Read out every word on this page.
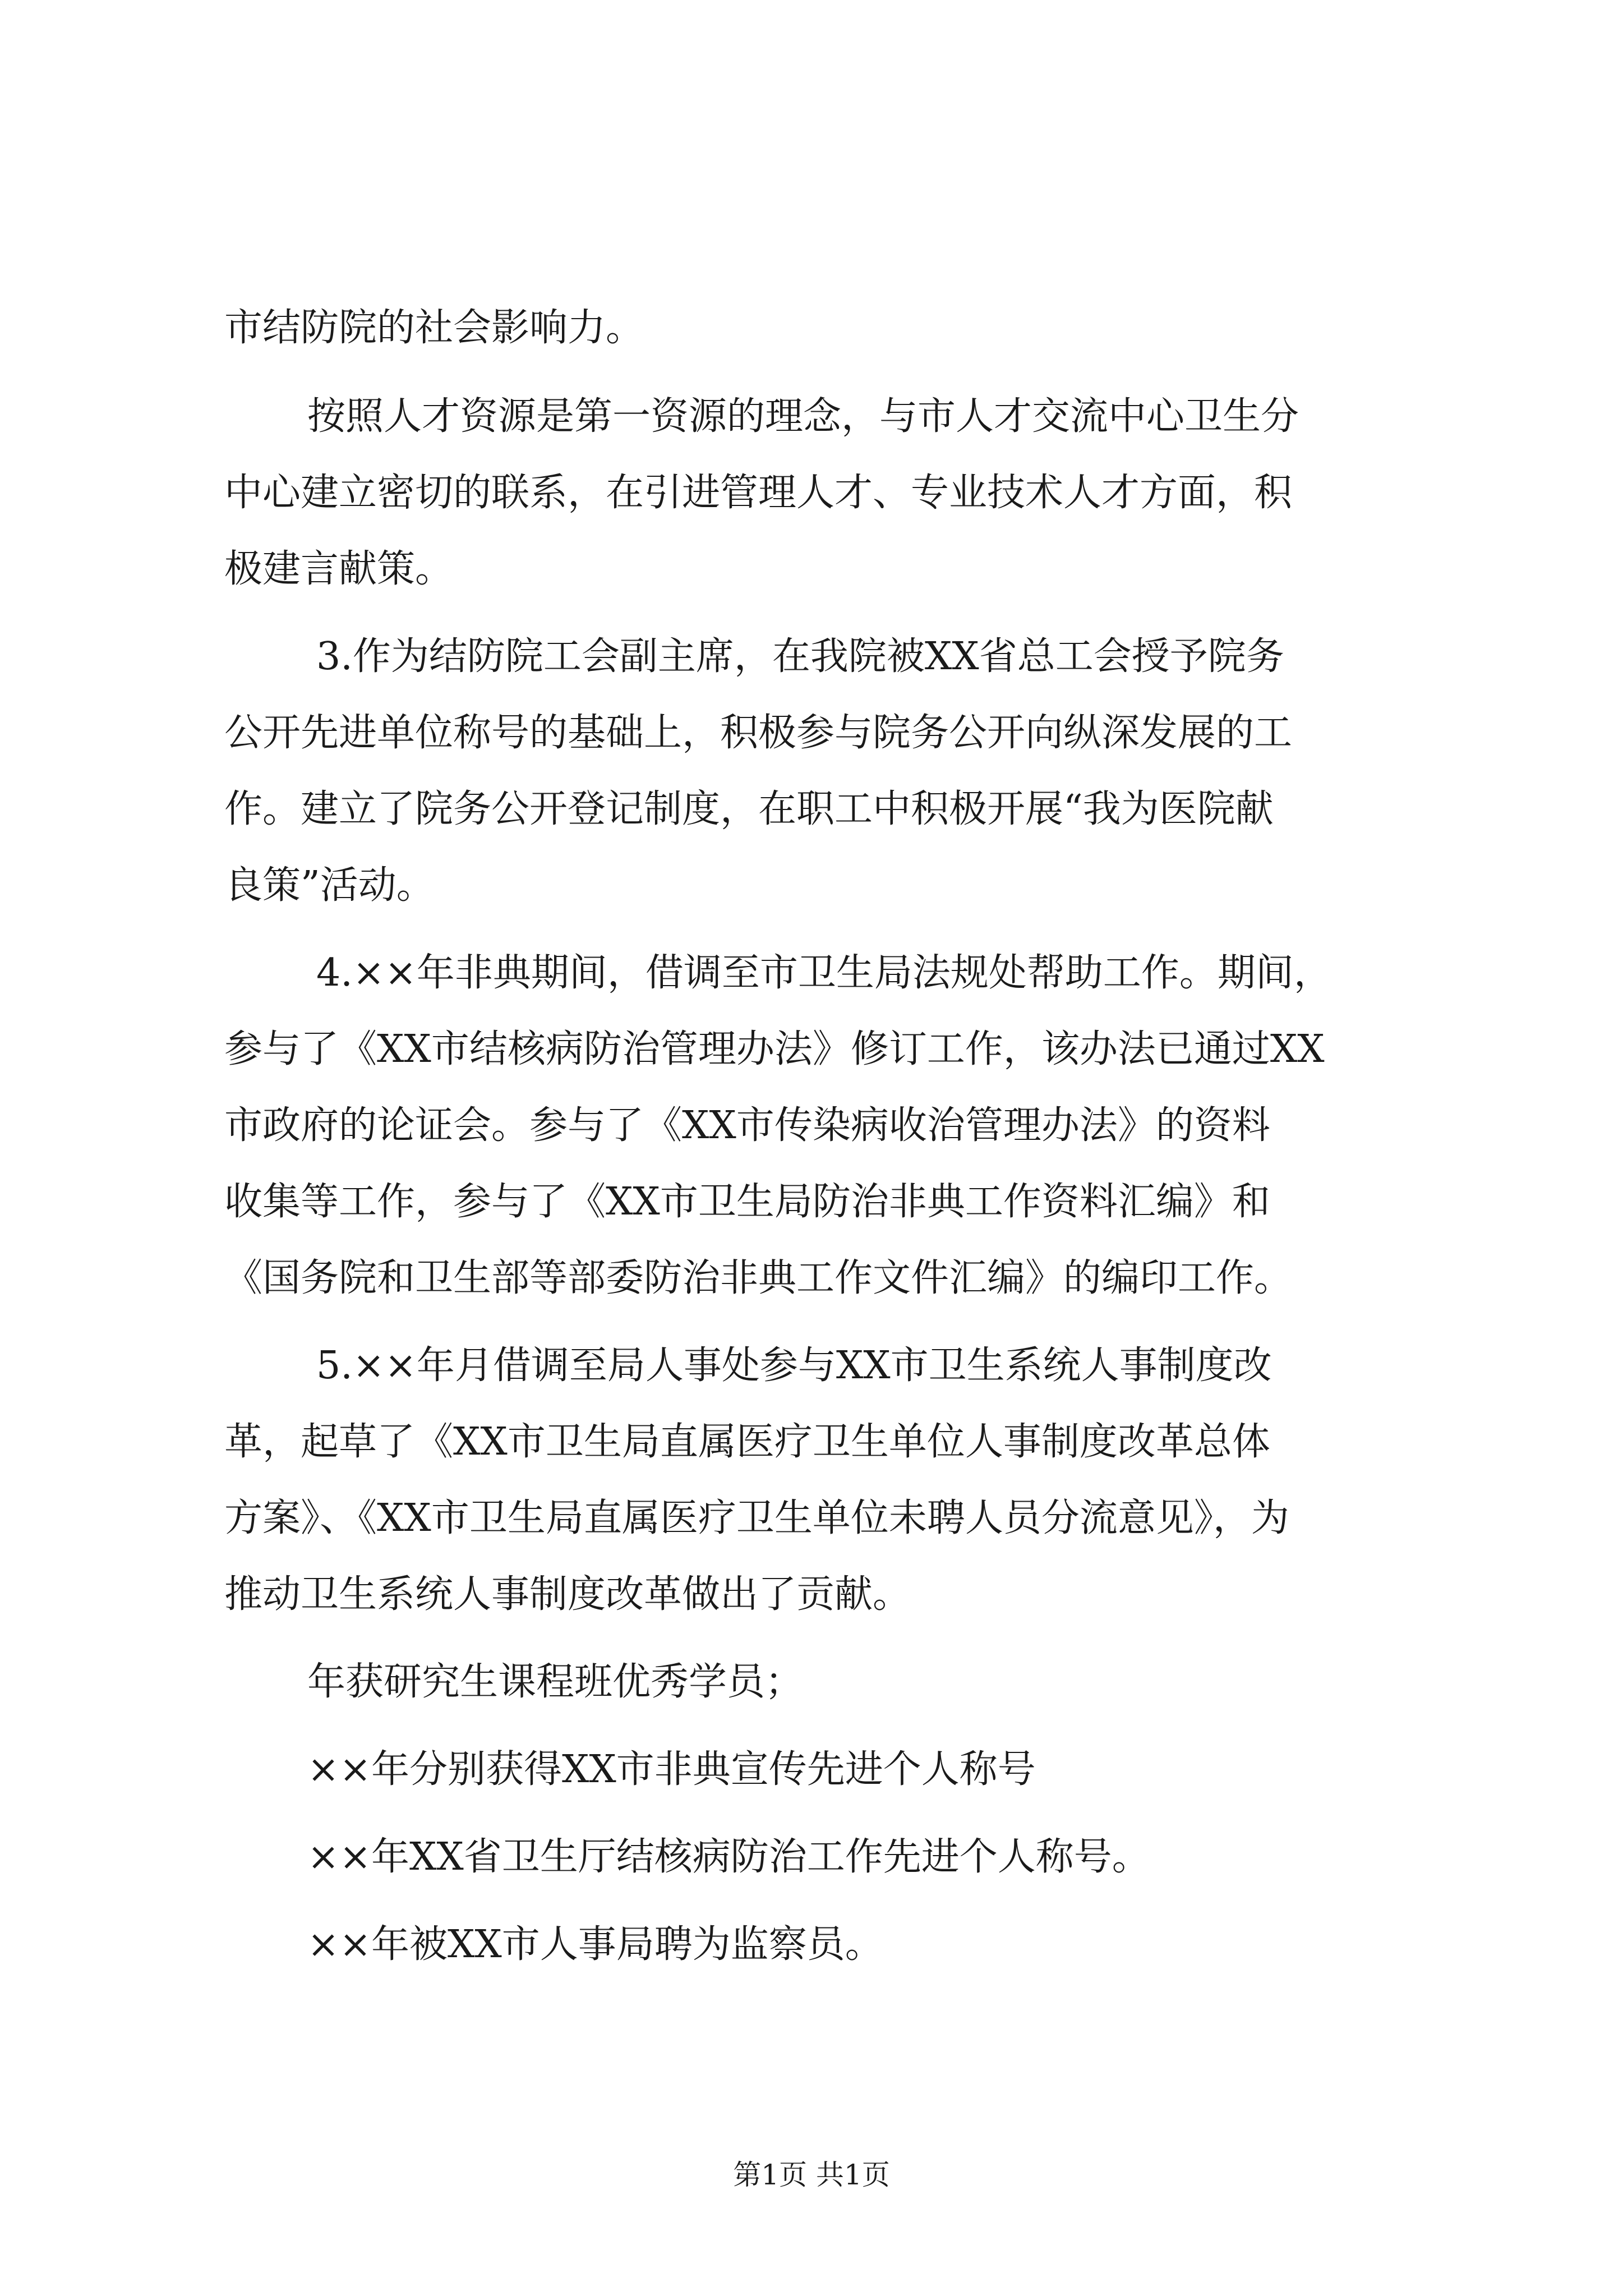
市结防院的社会影响力。
按照人才资源是第一资源的理念，与市人才交流中心卫生分
中心建立密切的联系，在引进管理人才、专业技术人才方面，积
极建言献策。
3.作为结防院工会副主席，在我院被XX省总工会授予院务
公开先进单位称号的基础上，积极参与院务公开向纵深发展的工
作。建立了院务公开登记制度，在职工中积极开展“我为医院献
良策”活动。
4.××年非典期间，借调至市卫生局法规处帮助工作。期间，
参与了《XX市结核病防治管理办法》修订工作，该办法已通过XX
市政府的论证会。参与了《XX市传染病收治管理办法》的资料
收集等工作，参与了《XX市卫生局防治非典工作资料汇编》和
《国务院和卫生部等部委防治非典工作文件汇编》的编印工作。
5.××年月借调至局人事处参与XX市卫生系统人事制度改
革，起草了《XX市卫生局直属医疗卫生单位人事制度改革总体
方案》、《XX市卫生局直属医疗卫生单位未聘人员分流意见》，为
推动卫生系统人事制度改革做出了贡献。
年获研究生课程班优秀学员；
××年分别获得XX市非典宣传先进个人称号
××年XX省卫生厅结核病防治工作先进个人称号。
××年被XX市人事局聘为监察员。
第1页 共1页
